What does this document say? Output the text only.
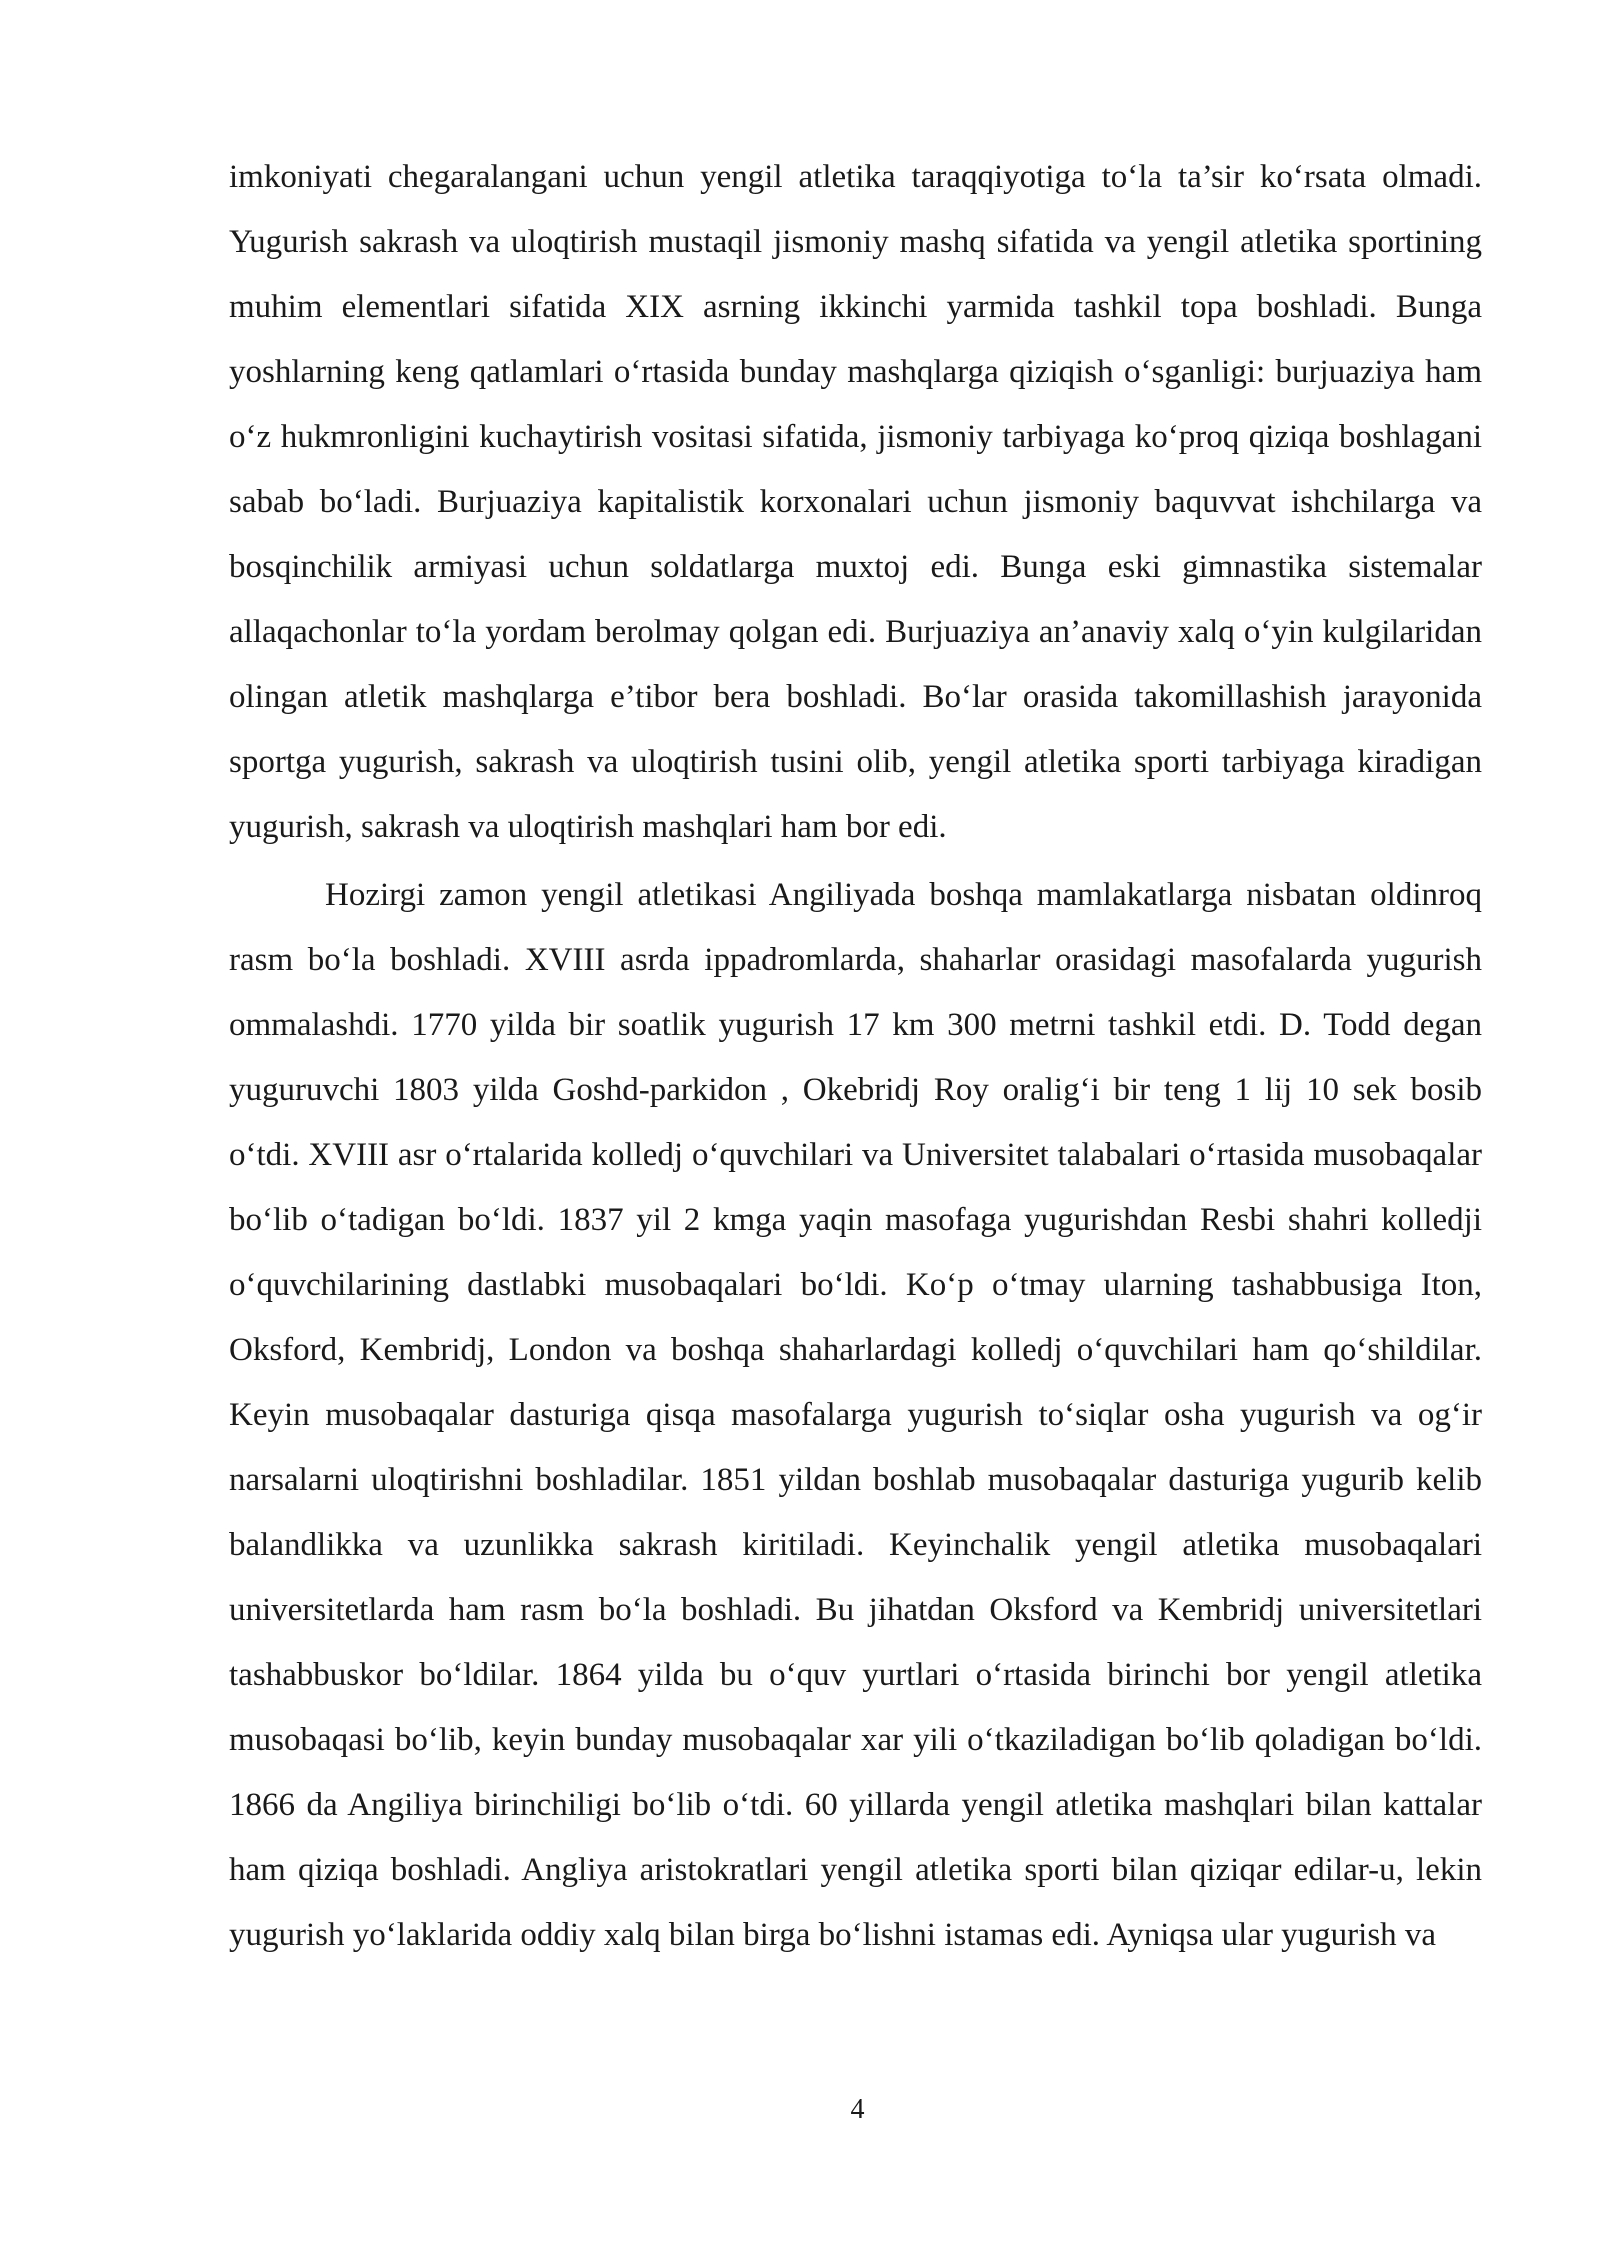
imkoniyati chegaralangani uchun yengil atletika taraqqiyotiga to‘la ta’sir ko‘rsata olmadi. Yugurish sakrash va uloqtirish mustaqil jismoniy mashq sifatida va yengil atletika sportining muhim elementlari sifatida XIX asrning ikkinchi yarmida tashkil topa boshladi. Bunga yoshlarning keng qatlamlari o‘rtasida bunday mashqlarga qiziqish o‘sganligi: burjuaziya ham o‘z hukmronligini kuchaytirish vositasi sifatida, jismoniy tarbiyaga ko‘proq qiziqa boshlagani sabab bo‘ladi. Burjuaziya kapitalistik korxonalari uchun jismoniy baquvvat ishchilarga va bosqinchilik armiyasi uchun soldatlarga muxtoj edi. Bunga eski gimnastika sistemalar allaqachonlar to‘la yordam berolmay qolgan edi. Burjuaziya an’anaviy xalq o‘yin kulgilaridan olingan atletik mashqlarga e’tibor bera boshladi. Bo‘lar orasida takomillashish jarayonida sportga yugurish, sakrash va uloqtirish tusini olib, yengil atletika sporti tarbiyaga kiradigan yugurish, sakrash va uloqtirish mashqlari ham bor edi.

Hozirgi zamon yengil atletikasi Angiliyada boshqa mamlakatlarga nisbatan oldinroq rasm bo‘la boshladi. XVIII asrda ippadromlarda, shaharlar orasidagi masofalarda yugurish ommalashdi. 1770 yilda bir soatlik yugurish 17 km 300 metrni tashkil etdi. D. Todd degan yuguruvchi 1803 yilda Goshd-parkidon , Okebridj Roy oralig‘i bir teng 1 lij 10 sek bosib o‘tdi. XVIII asr o‘rtalarida kolledj o‘quvchilari va Universitet talabalari o‘rtasida musobaqalar bo‘lib o‘tadigan bo‘ldi. 1837 yil 2 kmga yaqin masofaga yugurishdan Resbi shahri kolledji o‘quvchilarining dastlabki musobaqalari bo‘ldi. Ko‘p o‘tmay ularning tashabbusiga Iton, Oksford, Kembridj, London va boshqa shaharlardagi kolledj o‘quvchilari ham qo‘shildilar. Keyin musobaqalar dasturiga qisqa masofalarga yugurish to‘siqlar osha yugurish va og‘ir narsalarni uloqtirishni boshladilar. 1851 yildan boshlab musobaqalar dasturiga yugurib kelib balandlikka va uzunlikka sakrash kiritiladi. Keyinchalik yengil atletika musobaqalari universitetlarda ham rasm bo‘la boshladi. Bu jihatdan Oksford va Kembridj universitetlari tashabbuskor bo‘ldilar. 1864 yilda bu o‘quv yurtlari o‘rtasida birinchi bor yengil atletika musobaqasi bo‘lib, keyin bunday musobaqalar xar yili o‘tkaziladigan bo‘lib qoladigan bo‘ldi. 1866 da Angiliya birinchiligi bo‘lib o‘tdi. 60 yillarda yengil atletika mashqlari bilan kattalar ham qiziqa boshladi. Angliya aristokratlari yengil atletika sporti bilan qiziqar edilar-u, lekin yugurish yo‘laklarida oddiy xalq bilan birga bo‘lishni istamas edi. Ayniqsa ular yugurish va

4
